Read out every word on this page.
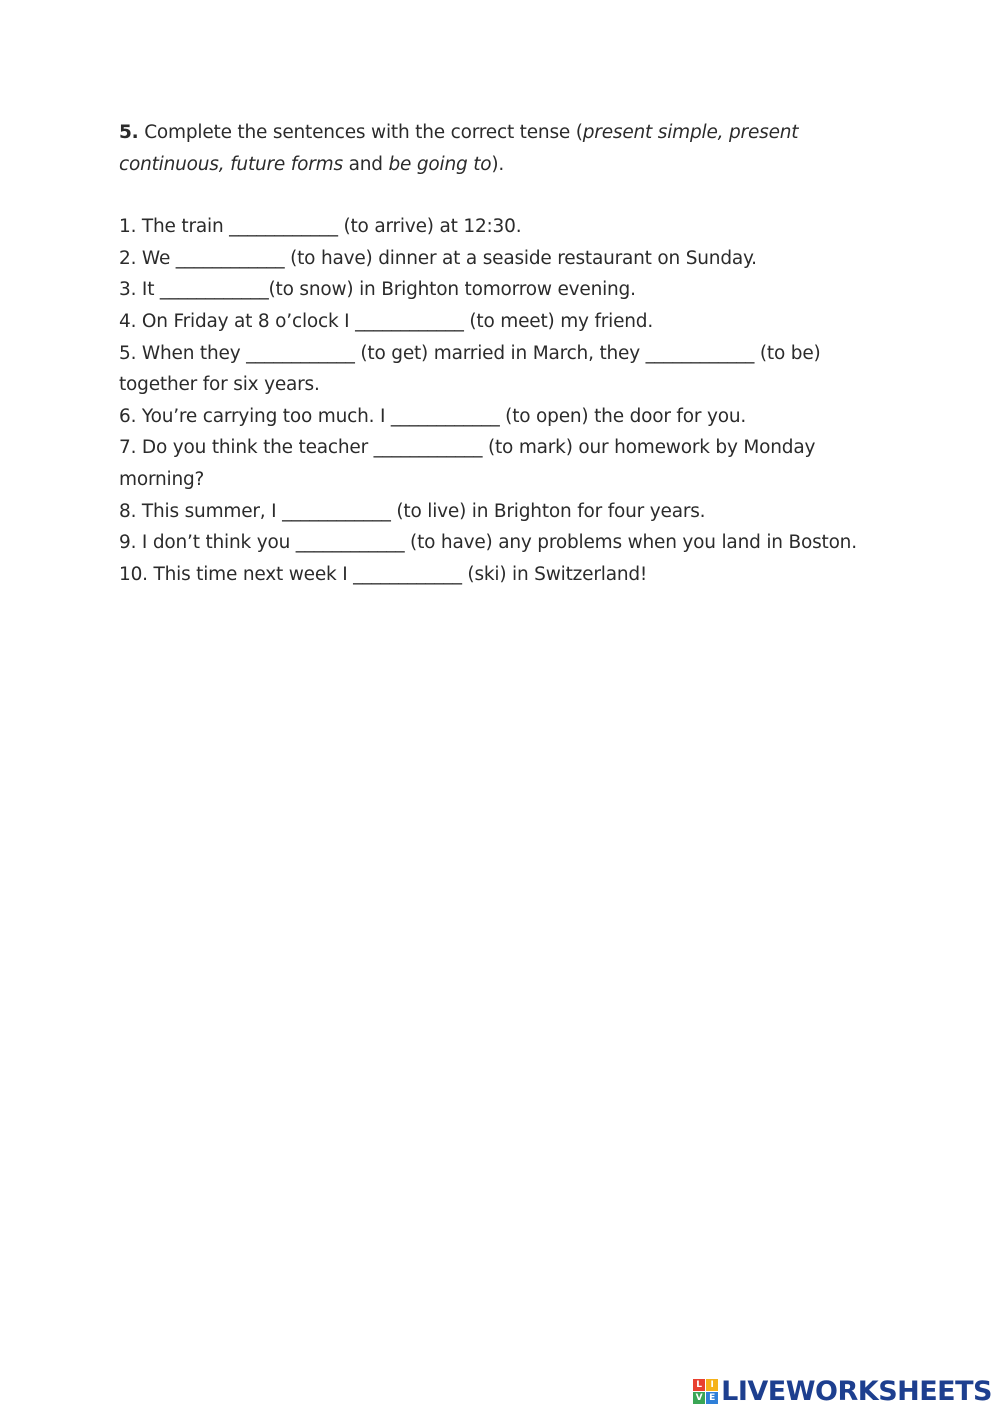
5. Complete the sentences with the correct tense (present simple, present continuous, future forms and be going to).

1. The train ____________ (to arrive) at 12:30.

2. We ____________ (to have) dinner at a seaside restaurant on Sunday.

3. It ____________(to snow) in Brighton tomorrow evening.

4. On Friday at 8 o’clock I ____________ (to meet) my friend.

5. When they ____________ (to get) married in March, they ____________ (to be) together for six years.

6. You’re carrying too much. I ____________ (to open) the door for you.

7. Do you think the teacher ____________ (to mark) our homework by Monday morning?

8. This summer, I ____________ (to live) in Brighton for four years.

9. I don’t think you ____________ (to have) any problems when you land in Boston.

10. This time next week I ____________ (ski) in Switzerland!

L I
V E LIVEWORKSHEETS
